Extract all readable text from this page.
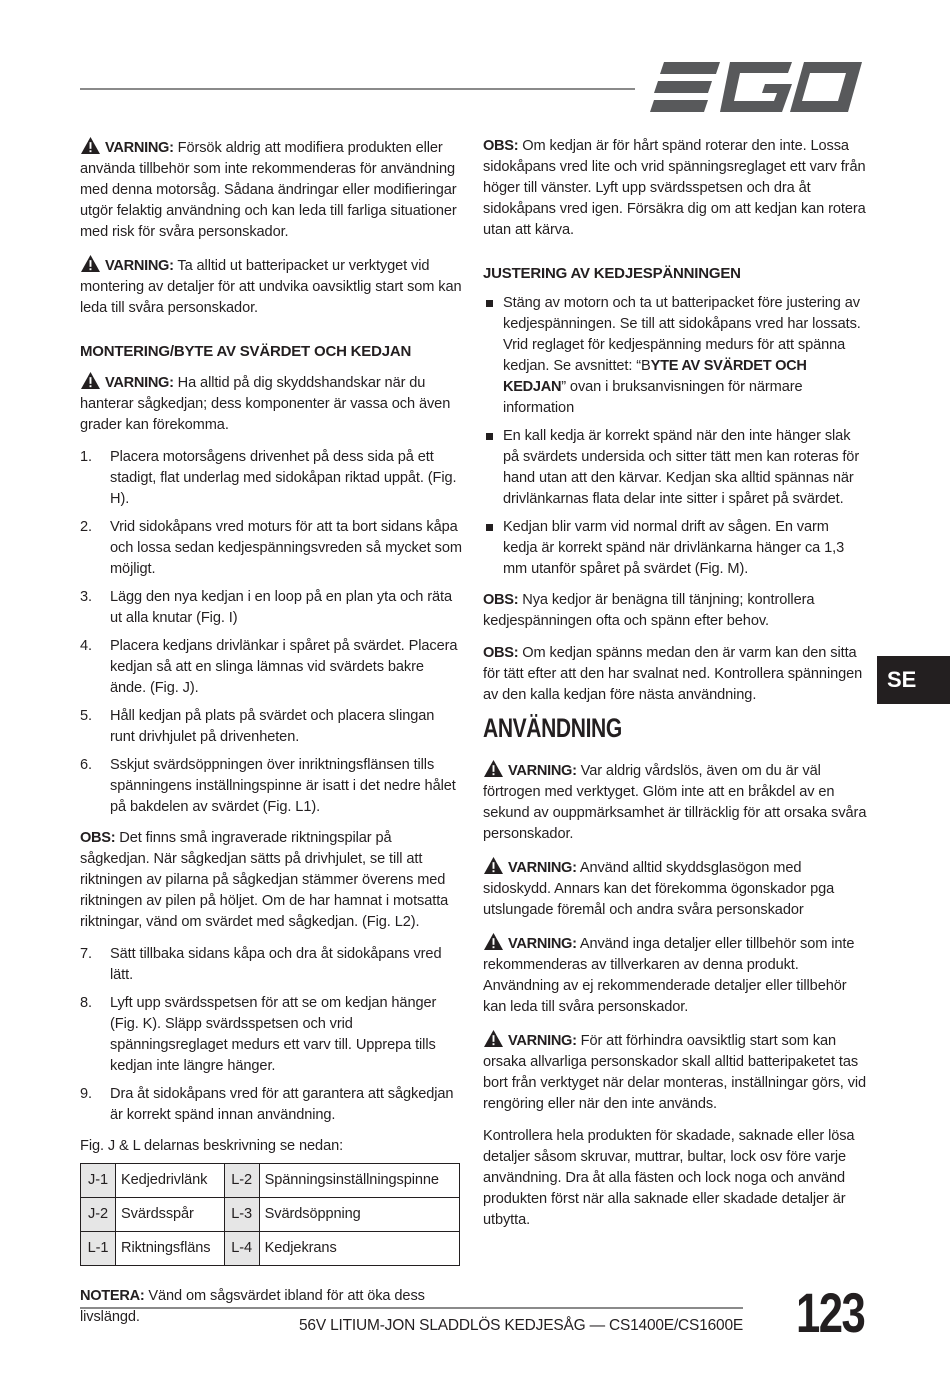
VARNING: Försök aldrig att modifiera produkten eller använda tillbehör som inte rekommenderas för användning med denna motorsåg. Sådana ändringar eller modifieringar utgör felaktig användning och kan leda till farliga situationer med risk för svåra personskador.

VARNING: Ta alltid ut batteripacket ur verktyget vid montering av detaljer för att undvika oavsiktlig start som kan leda till svåra personskador.

MONTERING/BYTE AV SVÄRDET OCH KEDJAN

VARNING: Ha alltid på dig skyddshandskar när du hanterar sågkedjan; dess komponenter är vassa och även grader kan förekomma.

1. Placera motorsågens drivenhet på dess sida på ett stadigt, flat underlag med sidokåpan riktad uppåt. (Fig. H).
2. Vrid sidokåpans vred moturs för att ta bort sidans kåpa och lossa sedan kedjespänningsvreden så mycket som möjligt.
3. Lägg den nya kedjan i en loop på en plan yta och räta ut alla knutar (Fig. I)
4. Placera kedjans drivlänkar i spåret på svärdet. Placera kedjan så att en slinga lämnas vid svärdets bakre ände. (Fig. J).
5. Håll kedjan på plats på svärdet och placera slingan runt drivhjulet på drivenheten.
6. Sskjut svärdsöppningen över inriktningsflänsen tills spänningens inställningspinne är isatt i det nedre hålet på bakdelen av svärdet (Fig. L1).

OBS: Det finns små ingraverade riktningspilar på sågkedjan. När sågkedjan sätts på drivhjulet, se till att riktningen av pilarna på sågkedjan stämmer överens med riktningen av pilen på höljet. Om de har hamnat i motsatta riktningar, vänd om svärdet med sågkedjan. (Fig. L2).

7. Sätt tillbaka sidans kåpa och dra åt sidokåpans vred lätt.
8. Lyft upp svärdsspetsen för att se om kedjan hänger (Fig. K). Släpp svärdsspetsen och vrid spänningsreglaget medurs ett varv till. Upprepa tills kedjan inte längre hänger.
9. Dra åt sidokåpans vred för att garantera att sågkedjan är korrekt spänd innan användning.

Fig. J & L delarnas beskrivning se nedan:

J-1	Kedjedrivlänk	L-2	Spänningsinställningspinne
J-2	Svärdsspår	L-3	Svärdsöppning
L-1	Riktningsfläns	L-4	Kedjekrans

NOTERA: Vänd om sågsvärdet ibland för att öka dess livslängd.

OBS: Om kedjan är för hårt spänd roterar den inte. Lossa sidokåpans vred lite och vrid spänningsreglaget ett varv från höger till vänster. Lyft upp svärdsspetsen och dra åt sidokåpans vred igen. Försäkra dig om att kedjan kan rotera utan att kärva.

JUSTERING AV KEDJESPÄNNINGEN
Stäng av motorn och ta ut batteripacket före justering av kedjespänningen. Se till att sidokåpans vred har lossats. Vrid reglaget för kedjespänning medurs för att spänna kedjan. Se avsnittet: “BYTE AV SVÄRDET OCH KEDJAN” ovan i bruksanvisningen för närmare information
En kall kedja är korrekt spänd när den inte hänger slak på svärdets undersida och sitter tätt men kan roteras för hand utan att den kärvar. Kedjan ska alltid spännas när drivlänkarnas flata delar inte sitter i spåret på svärdet.
Kedjan blir varm vid normal drift av sågen. En varm kedja är korrekt spänd när drivlänkarna hänger ca 1,3 mm utanför spåret på svärdet (Fig. M).

OBS: Nya kedjor är benägna till tänjning; kontrollera kedjespänningen ofta och spänn efter behov.

OBS: Om kedjan spänns medan den är varm kan den sitta för tätt efter att den har svalnat ned. Kontrollera spänningen av den kalla kedjan före nästa användning.

ANVÄNDNING

VARNING: Var aldrig vårdslös, även om du är väl förtrogen med verktyget. Glöm inte att en bråkdel av en sekund av ouppmärksamhet är tillräcklig för att orsaka svåra personskador.

VARNING: Använd alltid skyddsglasögon med sidoskydd. Annars kan det förekomma ögonskador pga utslungade föremål och andra svåra personskador

VARNING: Använd inga detaljer eller tillbehör som inte rekommenderas av tillverkaren av denna produkt. Användning av ej rekommenderade detaljer eller tillbehör kan leda till svåra personskador.

VARNING: För att förhindra oavsiktlig start som kan orsaka allvarliga personskador skall alltid batteripaketet tas bort från verktyget när delar monteras, inställningar görs, vid rengöring eller när den inte används.

Kontrollera hela produkten för skadade, saknade eller lösa detaljer såsom skruvar, muttrar, bultar, lock osv före varje användning. Dra åt alla fästen och lock noga och använd produkten först när alla saknade eller skadade detaljer är utbytta.

SE
56V LITIUM-JON SLADDLÖS KEDJESÅG — CS1400E/CS1600E 123
